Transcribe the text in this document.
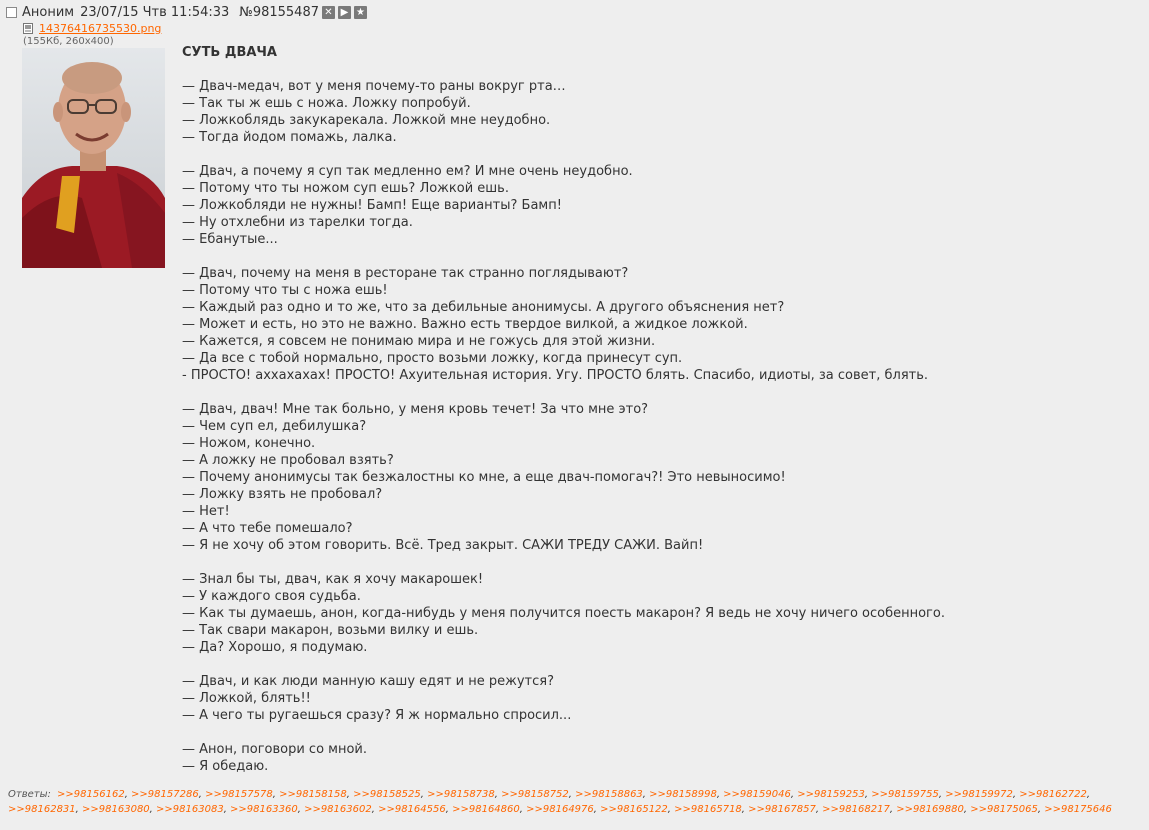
Аноним 23/07/15 Чтв 11:54:33 №98155487 ✕ ▶ ★
14376416735530.png
(155Кб, 260x400)
СУТЬ ДВАЧА
— Двач-медач, вот у меня почему-то раны вокруг рта…
— Так ты ж ешь с ножа. Ложку попробуй.
— Ложкоблядь закукарекала. Ложкой мне неудобно.
— Тогда йодом помажь, лалка.
— Двач, а почему я суп так медленно ем? И мне очень неудобно.
— Потому что ты ножом суп ешь? Ложкой ешь.
— Ложкобляди не нужны! Бамп! Еще варианты? Бамп!
— Ну отхлебни из тарелки тогда.
— Ебанутые...
— Двач, почему на меня в ресторане так странно поглядывают?
— Потому что ты с ножа ешь!
— Каждый раз одно и то же, что за дебильные анонимусы. А другого объяснения нет?
— Может и есть, но это не важно. Важно есть твердое вилкой, а жидкое ложкой.
— Кажется, я совсем не понимаю мира и не гожусь для этой жизни.
— Да все с тобой нормально, просто возьми ложку, когда принесут суп.
- ПРОСТО! аххахахах! ПРОСТО! Ахуительная история. Угу. ПРОСТО блять. Спасибо, идиоты, за совет, блять.
— Двач, двач! Мне так больно, у меня кровь течет! За что мне это?
— Чем суп ел, дебилушка?
— Ножом, конечно.
— А ложку не пробовал взять?
— Почему анонимусы так безжалостны ко мне, а еще двач-помогач?! Это невыносимо!
— Ложку взять не пробовал?
— Нет!
— А что тебе помешало?
— Я не хочу об этом говорить. Всё. Тред закрыт. САЖИ ТРЕДУ САЖИ. Вайп!
— Знал бы ты, двач, как я хочу макарошек!
— У каждого своя судьба.
— Как ты думаешь, анон, когда-нибудь у меня получится поесть макарон? Я ведь не хочу ничего особенного.
— Так свари макарон, возьми вилку и ешь.
— Да? Хорошо, я подумаю.
— Двач, и как люди манную кашу едят и не режутся?
— Ложкой, блять!!
— А чего ты ругаешься сразу? Я ж нормально спросил...
— Анон, поговори со мной.
— Я обедаю.
Ответы: >>98156162, >>98157286, >>98157578, >>98158158, >>98158525, >>98158738, >>98158752, >>98158863, >>98158998, >>98159046, >>98159253, >>98159755, >>98159972, >>98162722, >>98162831, >>98163080, >>98163083, >>98163360, >>98163602, >>98164556, >>98164860, >>98164976, >>98165122, >>98165718, >>98167857, >>98168217, >>98169880, >>98175065, >>98175646
